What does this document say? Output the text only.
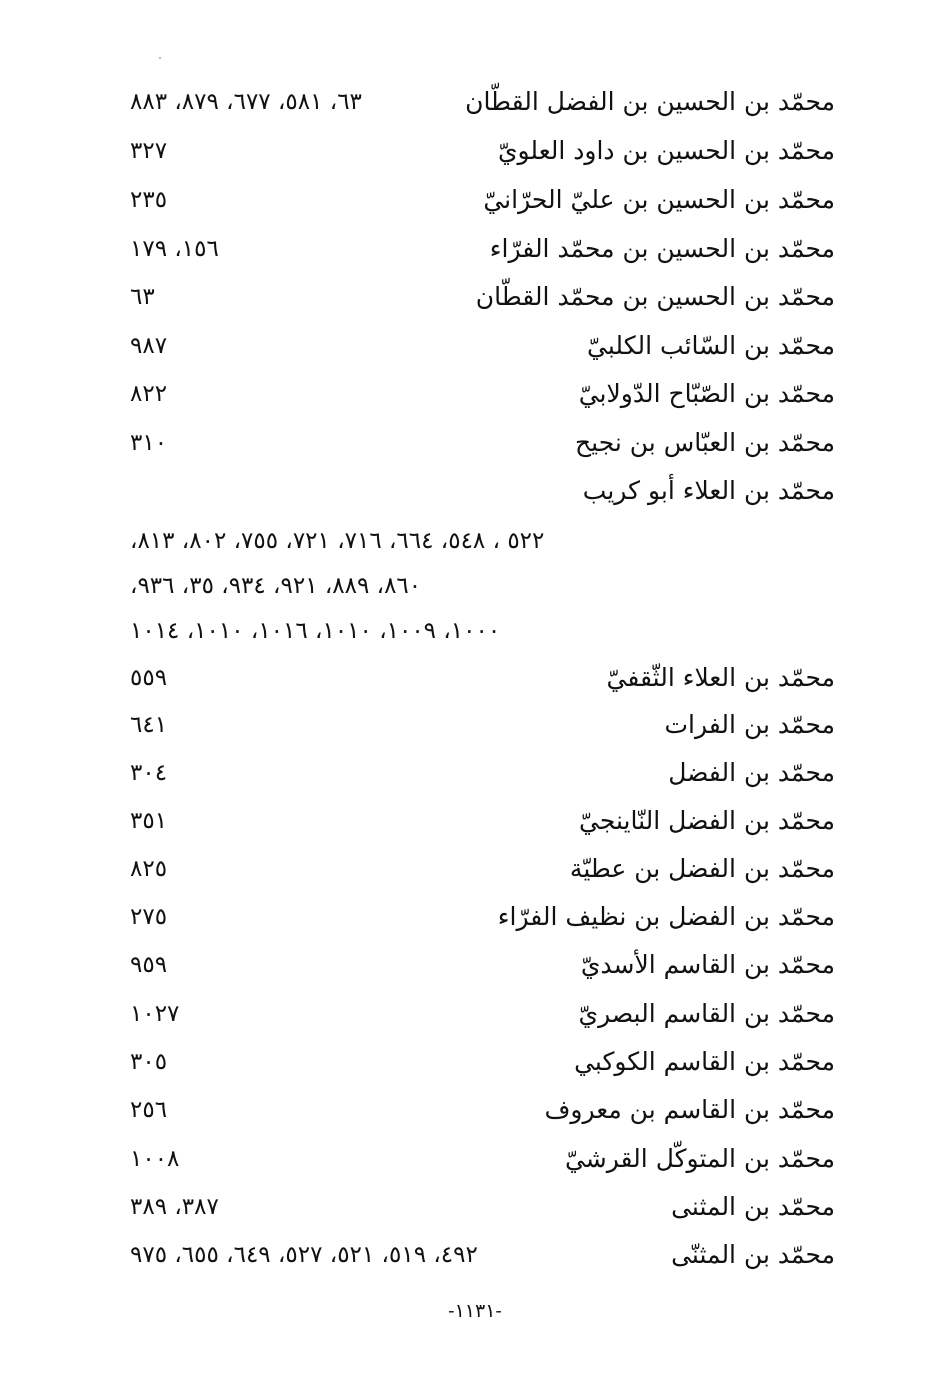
محمّد بن الحسين بن الفضل القطّان
٦٣، ٥٨١، ٦٧٧، ٨٧٩، ٨٨٣
محمّد بن الحسين بن داود العلويّ
٣٢٧
محمّد بن الحسين بن عليّ الحرّانيّ
٢٣٥
محمّد بن الحسين بن محمّد الفرّاء
١٥٦، ١٧٩
محمّد بن الحسين بن محمّد القطّان
٦٣
محمّد بن السّائب الكلبيّ
٩٨٧
محمّد بن الصّبّاح الدّولابيّ
٨٢٢
محمّد بن العبّاس بن نجيح
٣١٠
محمّد بن العلاء أبو كريب
٥٢٢ ، ٥٤٨، ٦٦٤، ٧١٦، ٧٢١، ٧٥٥، ٨٠٢، ٨١٣،
٨٦٠، ٨٨٩، ٩٢١، ٩٣٤، ٣٥، ٩٣٦،
١٠٠٠، ١٠٠٩، ١٠١٠، ١٠١٦، ١٠١٠، ١٠١٤
محمّد بن العلاء الثّقفيّ
٥٥٩
محمّد بن الفرات
٦٤١
محمّد بن الفضل
٣٠٤
محمّد بن الفضل النّاينجيّ
٣٥١
محمّد بن الفضل بن عطيّة
٨٢٥
محمّد بن الفضل بن نظيف الفرّاء
٢٧٥
محمّد بن القاسم الأسديّ
٩٥٩
محمّد بن القاسم البصريّ
١٠٢٧
محمّد بن القاسم الكوكبي
٣٠٥
محمّد بن القاسم بن معروف
٢٥٦
محمّد بن المتوكّل القرشيّ
١٠٠٨
محمّد بن المثنى
٣٨٧، ٣٨٩
محمّد بن المثنّى
٤٩٢، ٥١٩، ٥٢١، ٥٢٧، ٦٤٩، ٦٥٥، ٩٧٥
-١١٣١-
